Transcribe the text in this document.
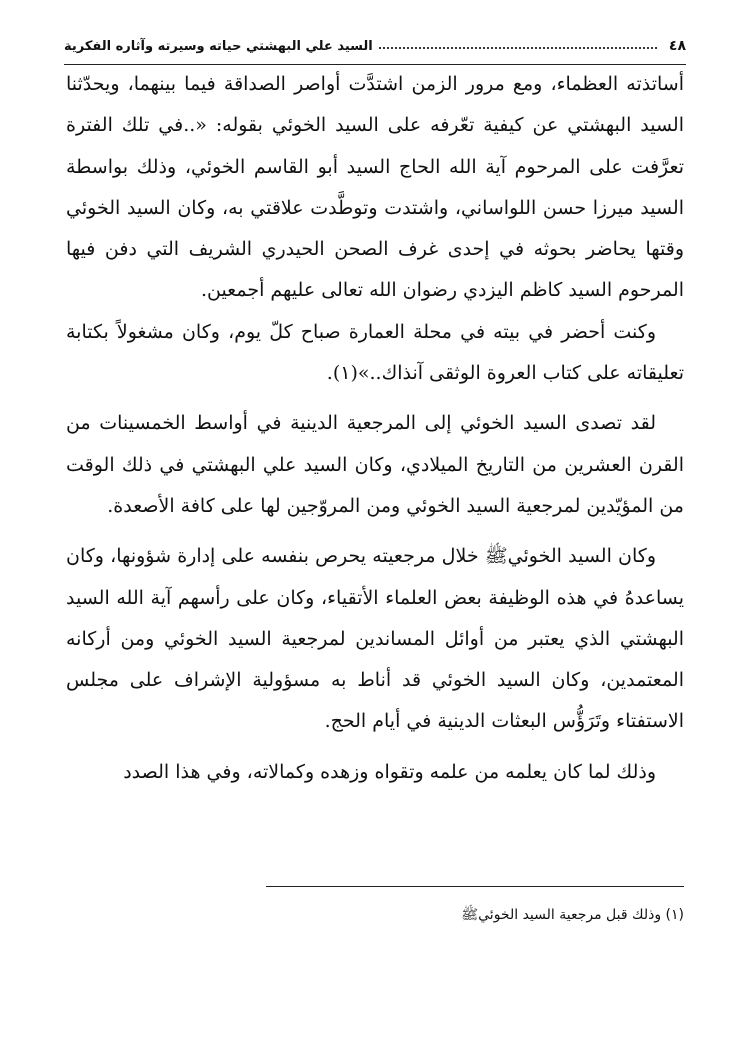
٤٨
السيد علي البهشتي حياته وسيرته وآثاره الفكرية

أساتذته العظماء، ومع مرور الزمن اشتدَّت أواصر الصداقة فيما بينهما، ويحدّثنا السيد البهشتي عن كيفية تعّرفه على السيد الخوئي بقوله: «..في تلك الفترة تعرَّفت على المرحوم آية الله الحاج السيد أبو القاسم الخوئي، وذلك بواسطة السيد ميرزا حسن اللواساني، واشتدت وتوطَّدت علاقتي به، وكان السيد الخوئي وقتها يحاضر بحوثه في إحدى غرف الصحن الحيدري الشريف التي دفن فيها المرحوم السيد كاظم اليزدي رضوان الله تعالى عليهم أجمعين.

وكنت أحضر في بيته في محلة العمارة صباح كلّ يوم، وكان مشغولاً بكتابة تعليقاته على كتاب العروة الوثقى آنذاك..»(١).

لقد تصدى السيد الخوئي إلى المرجعية الدينية في أواسط الخمسينات من القرن العشرين من التاريخ الميلادي، وكان السيد علي البهشتي في ذلك الوقت من المؤيّدين لمرجعية السيد الخوئي ومن المروّجين لها على كافة الأصعدة.

وكان السيد الخوئيﷺ خلال مرجعيته يحرص بنفسه على إدارة شؤونها، وكان يساعدهُ في هذه الوظيفة بعض العلماء الأتقياء، وكان على رأسهم آية الله السيد البهشتي الذي يعتبر من أوائل المساندين لمرجعية السيد الخوئي ومن أركانه المعتمدين، وكان السيد الخوئي قد أناط به مسؤولية الإشراف على مجلس الاستفتاء وتَرَؤُّس البعثات الدينية في أيام الحج.

وذلك لما كان يعلمه من علمه وتقواه وزهده وكمالاته، وفي هذا الصدد

(١) وذلك قبل مرجعية السيد الخوئيﷺ
